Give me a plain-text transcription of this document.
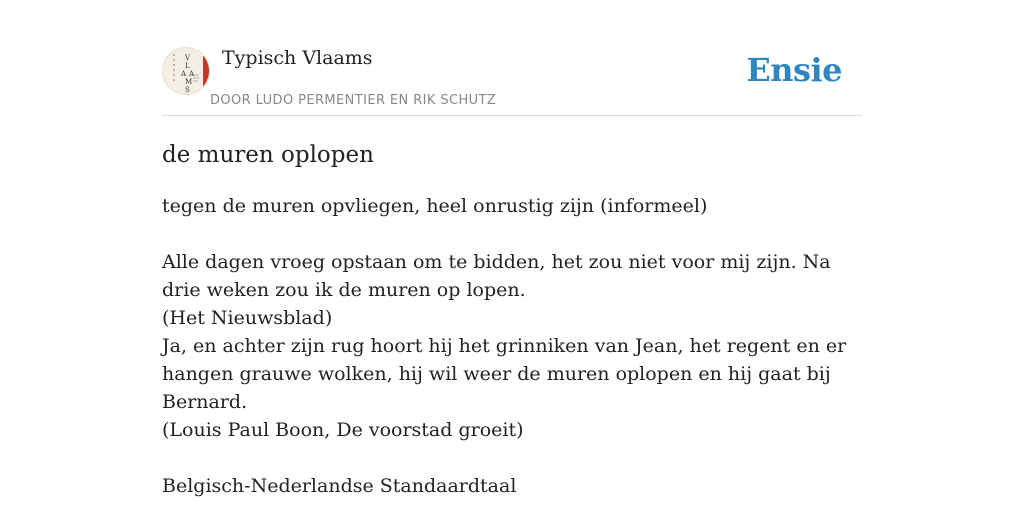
V
L
A A
M
S
Typisch Vlaams
DOOR LUDO PERMENTIER EN RIK SCHUTZ
Ensie
de muren oplopen

tegen de muren opvliegen, heel onrustig zijn (informeel)

Alle dagen vroeg opstaan om te bidden, het zou niet voor mij zijn. Na drie weken zou ik de muren op lopen.

(Het Nieuwsblad)

Ja, en achter zijn rug hoort hij het grinniken van Jean, het regent en er hangen grauwe wolken, hij wil weer de muren oplopen en hij gaat bij Bernard.

(Louis Paul Boon, De voorstad groeit)

Belgisch-Nederlandse Standaardtaal
